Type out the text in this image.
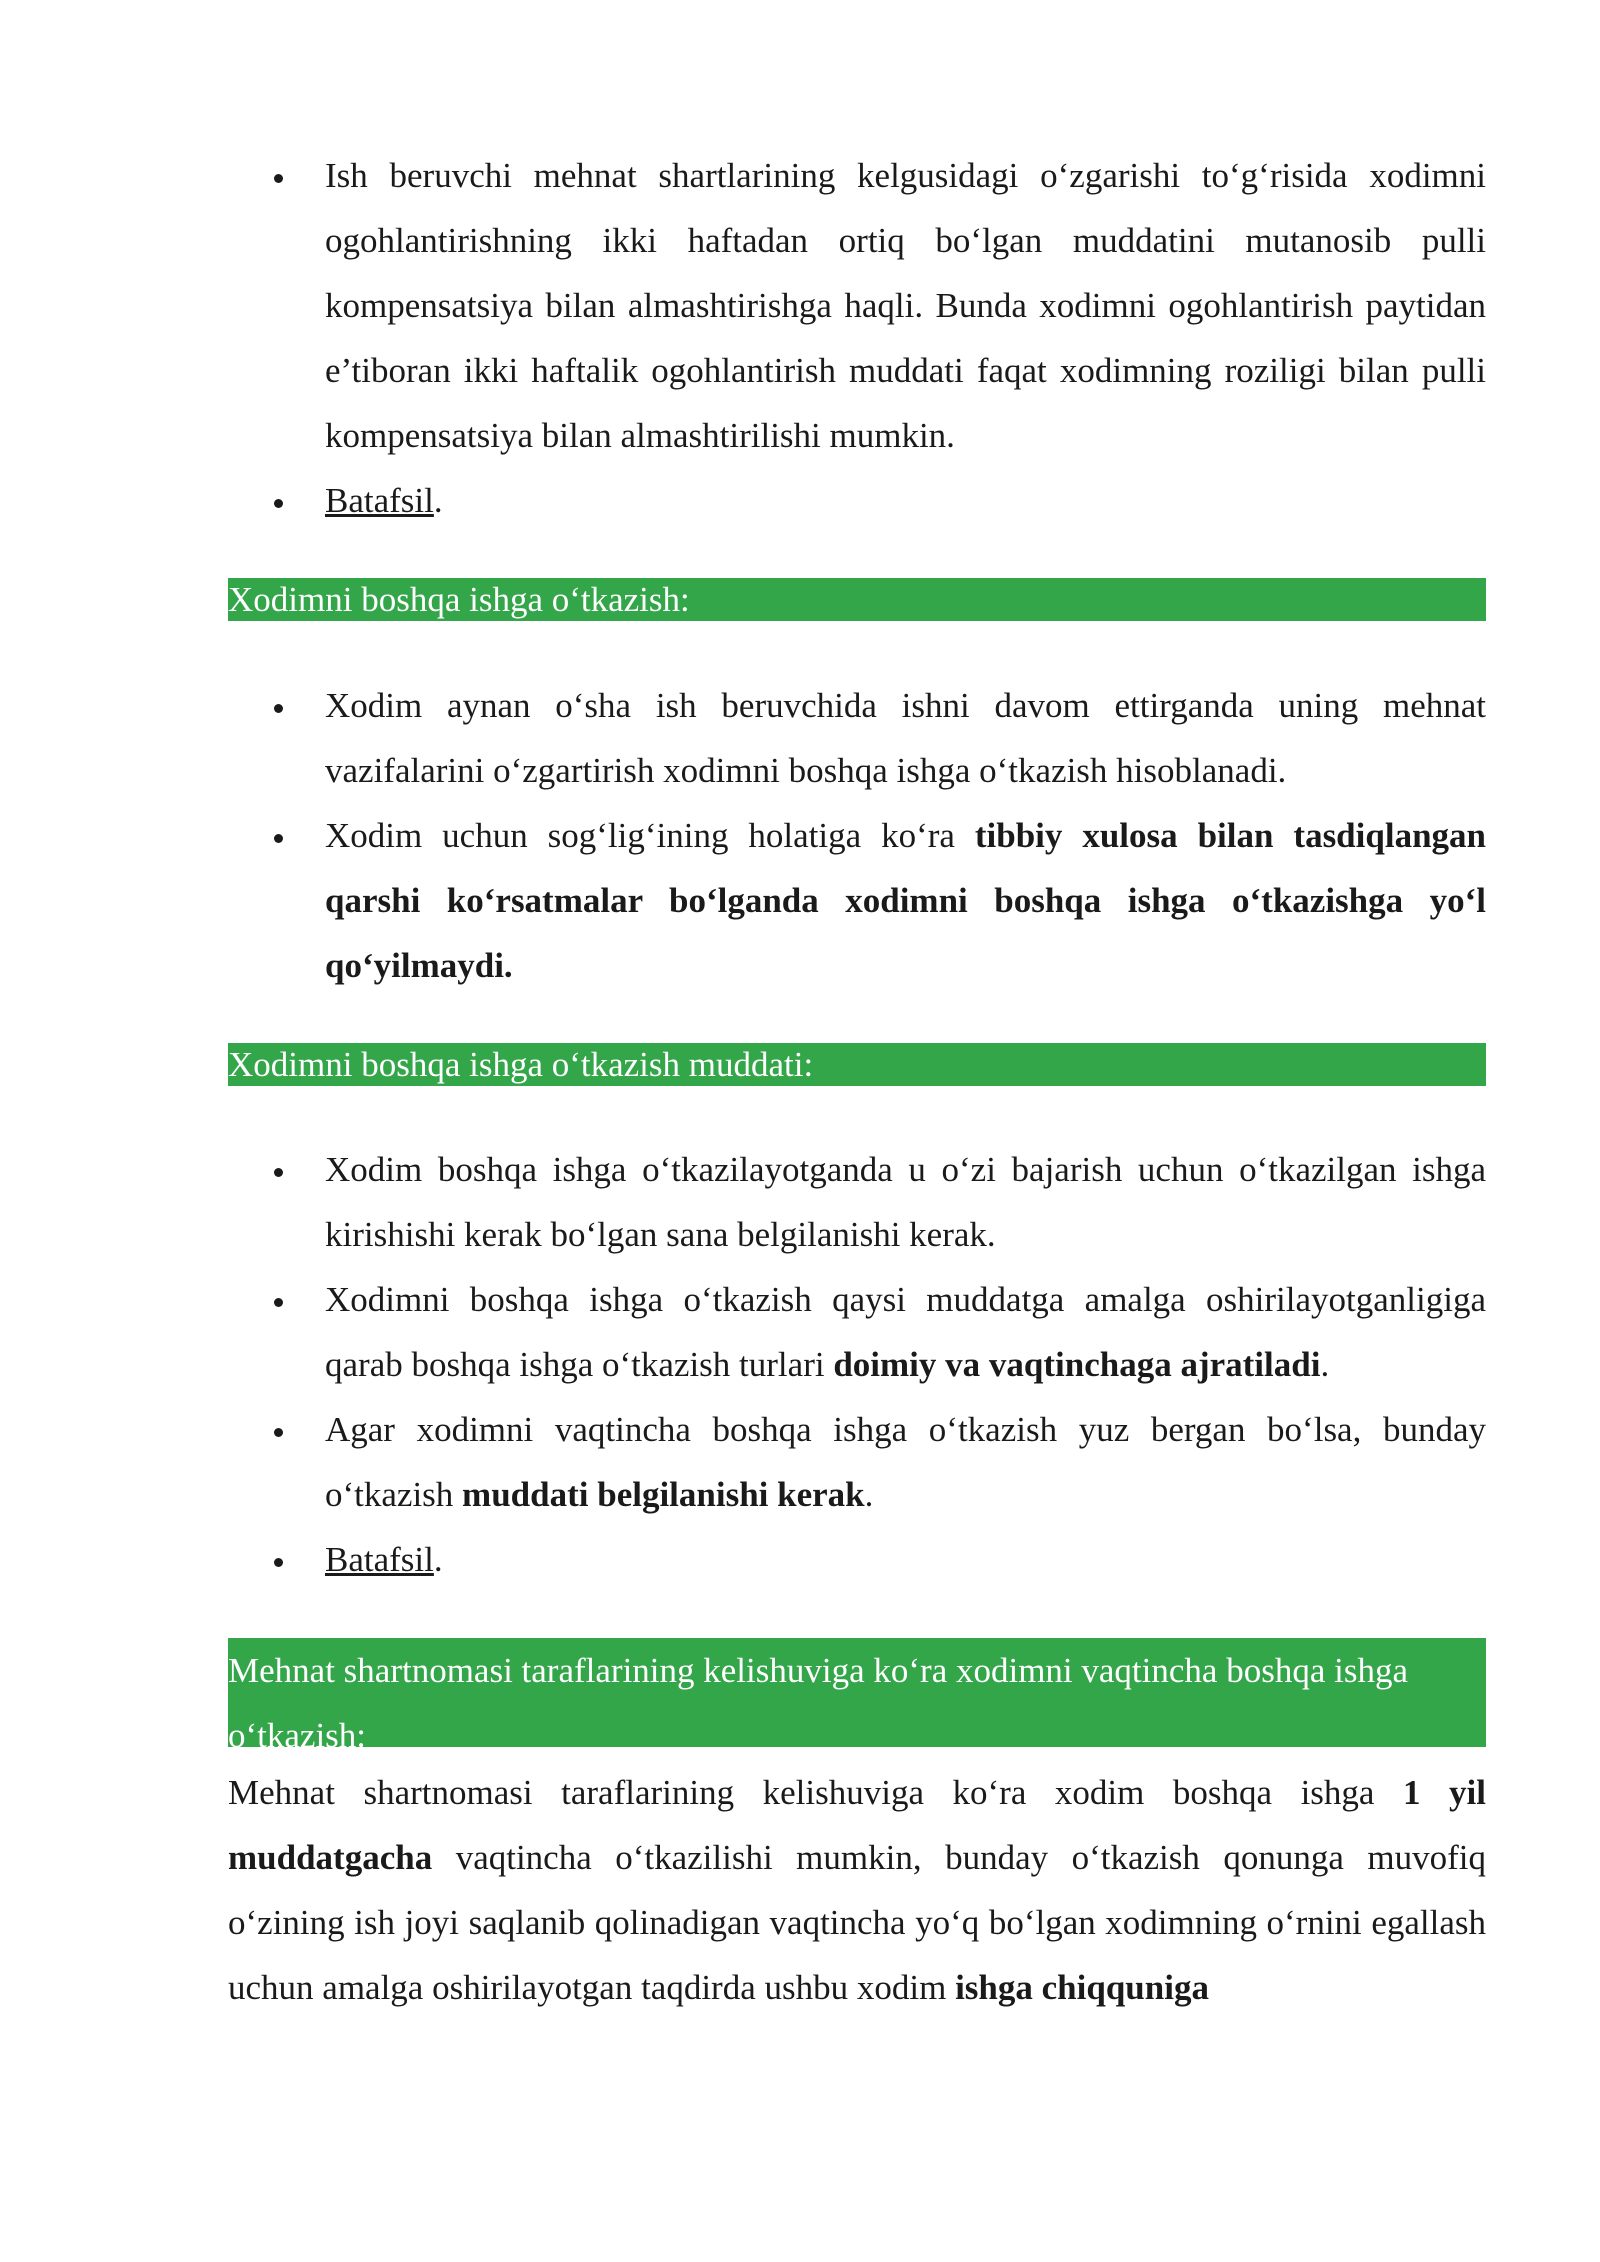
Ish beruvchi mehnat shartlarining kelgusidagi o‘zgarishi to‘g‘risida xodimni ogohlantirishning ikki haftadan ortiq bo‘lgan muddatini mutanosib pulli kompensatsiya bilan almashtirishga haqli. Bunda xodimni ogohlantirish paytidan e’tiboran ikki haftalik ogohlantirish muddati faqat xodimning roziligi bilan pulli kompensatsiya bilan almashtirilishi mumkin.
Batafsil.
Xodimni boshqa ishga o‘tkazish:
Xodim aynan o‘sha ish beruvchida ishni davom ettirganda uning mehnat vazifalarini o‘zgartirish xodimni boshqa ishga o‘tkazish hisoblanadi.
Xodim uchun sog‘lig‘ining holatiga ko‘ra tibbiy xulosa bilan tasdiqlangan qarshi ko‘rsatmalar bo‘lganda xodimni boshqa ishga o‘tkazishga yo‘l qo‘yilmaydi.
Xodimni boshqa ishga o‘tkazish muddati:
Xodim boshqa ishga o‘tkazilayotganda u o‘zi bajarish uchun o‘tkazilgan ishga kirishishi kerak bo‘lgan sana belgilanishi kerak.
Xodimni boshqa ishga o‘tkazish qaysi muddatga amalga oshirilayotganligiga qarab boshqa ishga o‘tkazish turlari doimiy va vaqtinchaga ajratiladi.
Agar xodimni vaqtincha boshqa ishga o‘tkazish yuz bergan bo‘lsa, bunday o‘tkazish muddati belgilanishi kerak.
Batafsil.
Mehnat shartnomasi taraflarining kelishuviga ko‘ra xodimni vaqtincha boshqa ishga o‘tkazish:

Mehnat shartnomasi taraflarining kelishuviga ko‘ra xodim boshqa ishga 1 yil muddatgacha vaqtincha o‘tkazilishi mumkin, bunday o‘tkazish qonunga muvofiq o‘zining ish joyi saqlanib qolinadigan vaqtincha yo‘q bo‘lgan xodimning o‘rnini egallash uchun amalga oshirilayotgan taqdirda ushbu xodim ishga chiqqun​iga
